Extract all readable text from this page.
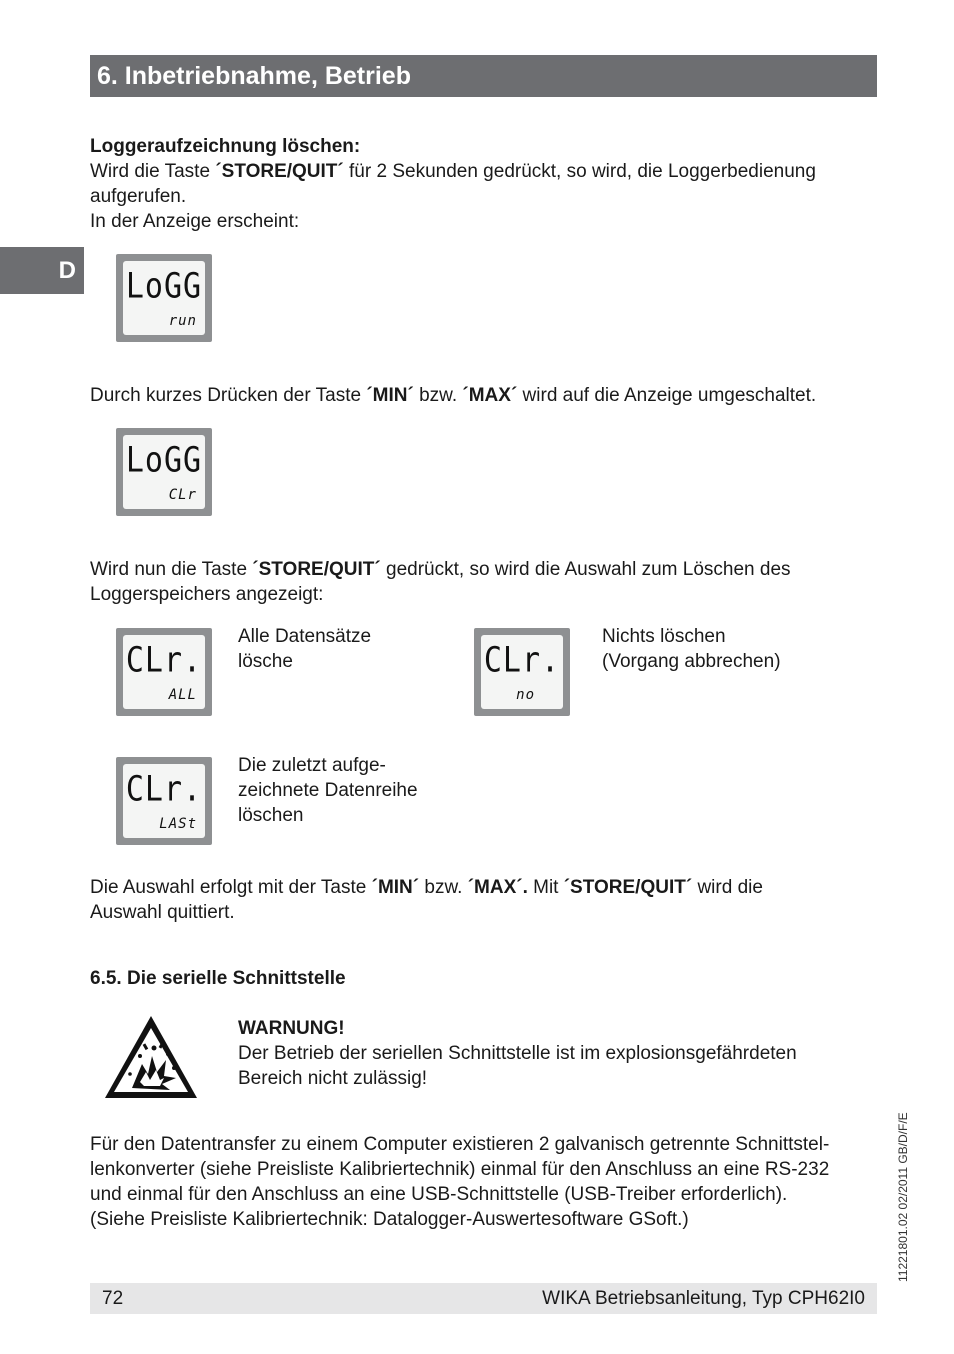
6. Inbetriebnahme, Betrieb
D
Loggeraufzeichnung löschen:
Wird die Taste ´STORE/QUIT´ für 2 Sekunden gedrückt, so wird, die Loggerbedienung
aufgerufen.
In der Anzeige erscheint:
LoGG
run
Durch kurzes Drücken der Taste ´MIN´ bzw. ´MAX´ wird auf die Anzeige umgeschaltet.
LoGG
CLr
Wird nun die Taste ´STORE/QUIT´ gedrückt, so wird die Auswahl zum Löschen des
Loggerspeichers angezeigt:
CLr.
ALL
Alle Datensätze
lösche	CLr.
no
Nichts löschen
(Vorgang abbrechen)
CLr.
LASt
Die zuletzt aufge-
zeichnete Datenreihe
löschen
Die Auswahl erfolgt mit der Taste ´MIN´ bzw. ´MAX´. Mit ´STORE/QUIT´ wird die
Auswahl quittiert.
6.5. Die serielle Schnittstelle
WARNUNG!
Der Betrieb der seriellen Schnittstelle ist im explosionsgefährdeten
Bereich nicht zulässig!
Für den Datentransfer zu einem Computer existieren 2 galvanisch getrennte Schnittstel-
lenkonverter (siehe Preisliste Kalibriertechnik) einmal für den Anschluss an eine RS-232
und einmal für den Anschluss an eine USB-Schnittstelle (USB-Treiber erforderlich).
(Siehe Preisliste Kalibriertechnik: Datalogger-Auswertesoftware GSoft.)	11221801.02 02/2011 GB/D/F/E
72	WIKA Betriebsanleitung, Typ CPH62I0
